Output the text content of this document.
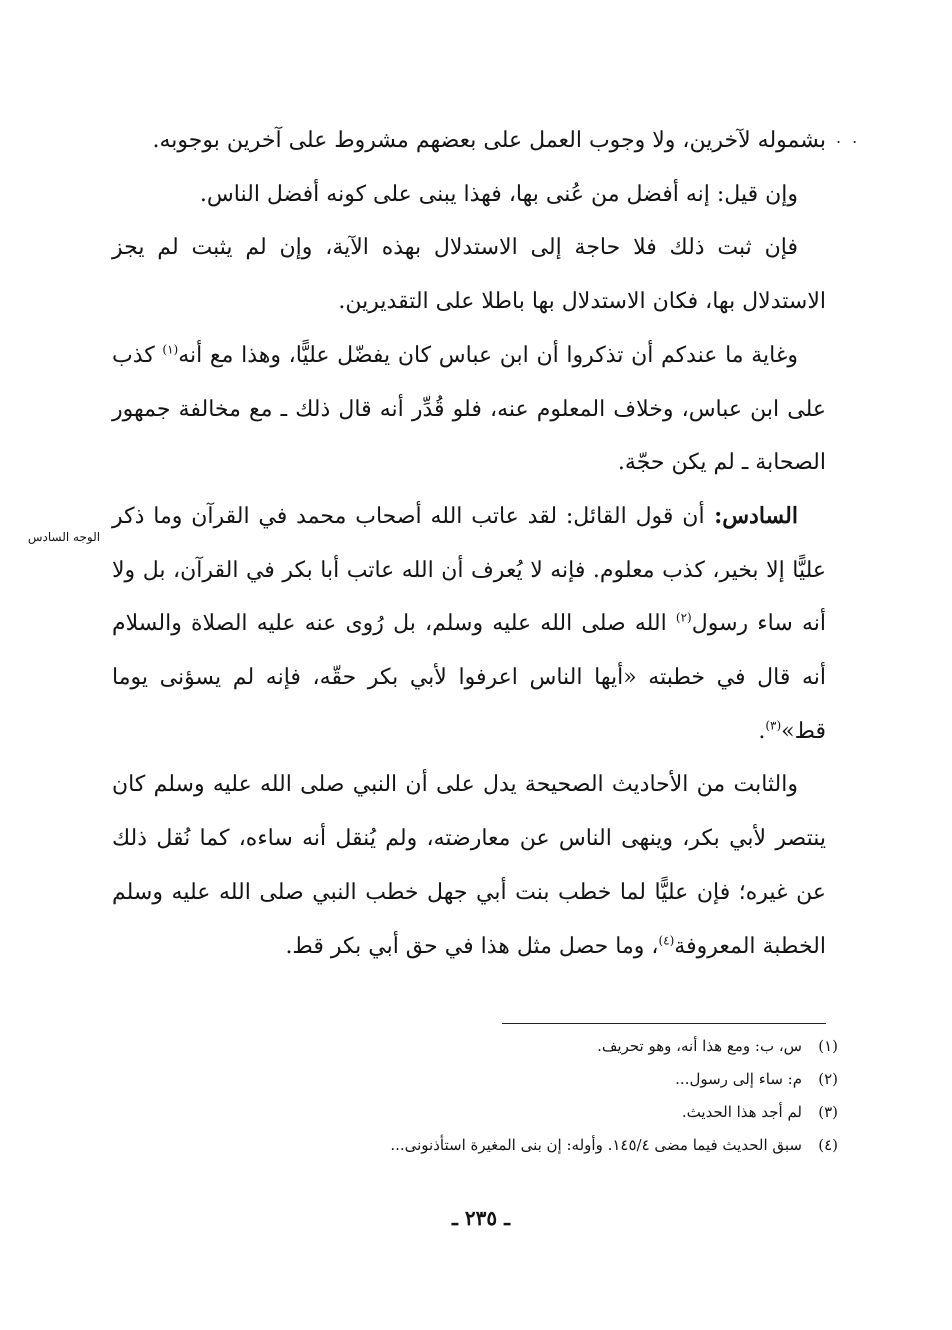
. .

بشموله لآخرين، ولا وجوب العمل على بعضهم مشروط على آخرين بوجوبه.

وإن قيل: إنه أفضل من عُنى بها، فهذا يبنى على كونه أفضل الناس.

فإن ثبت ذلك فلا حاجة إلى الاستدلال بهذه الآية، وإن لم يثبت لم يجز الاستدلال بها، فكان الاستدلال بها باطلا على التقديرين.

وغاية ما عندكم أن تذكروا أن ابن عباس كان يفضّل عليًّا، وهذا مع أنه$^{(١)}$ كذب على ابن عباس، وخلاف المعلوم عنه، فلو قُدِّر أنه قال ذلك ـ مع مخالفة جمهور الصحابة ـ لم يكن حجّة.

السادس: أن قول القائل: لقد عاتب الله أصحاب محمد في القرآن وما ذكر عليًّا إلا بخير، كذب معلوم. فإنه لا يُعرف أن الله عاتب أبا بكر في القرآن، بل ولا أنه ساء رسول$^{(٢)}$ الله صلى الله عليه وسلم، بل رُوى عنه عليه الصلاة والسلام أنه قال في خطبته «أيها الناس اعرفوا لأبي بكر حقّه، فإنه لم يسؤنى يوما قط»$^{(٣)}$.

والثابت من الأحاديث الصحيحة يدل على أن النبي صلى الله عليه وسلم كان ينتصر لأبي بكر، وينهى الناس عن معارضته، ولم يُنقل أنه ساءه، كما نُقل ذلك عن غيره؛ فإن عليًّا لما خطب بنت أبي جهل خطب النبي صلى الله عليه وسلم الخطبة المعروفة$^{(٤)}$، وما حصل مثل هذا في حق أبي بكر قط.

الوجه السادس
(١)س، ب: ومع هذا أنه، وهو تحريف.
(٢)م: ساء إلى رسول...
(٣)لم أجد هذا الحديث.
(٤)سبق الحديث فيما مضى ١٤٥/٤. وأوله: إن بنى المغيرة استأذنونى...
ـ ٢٣٥ ـ
